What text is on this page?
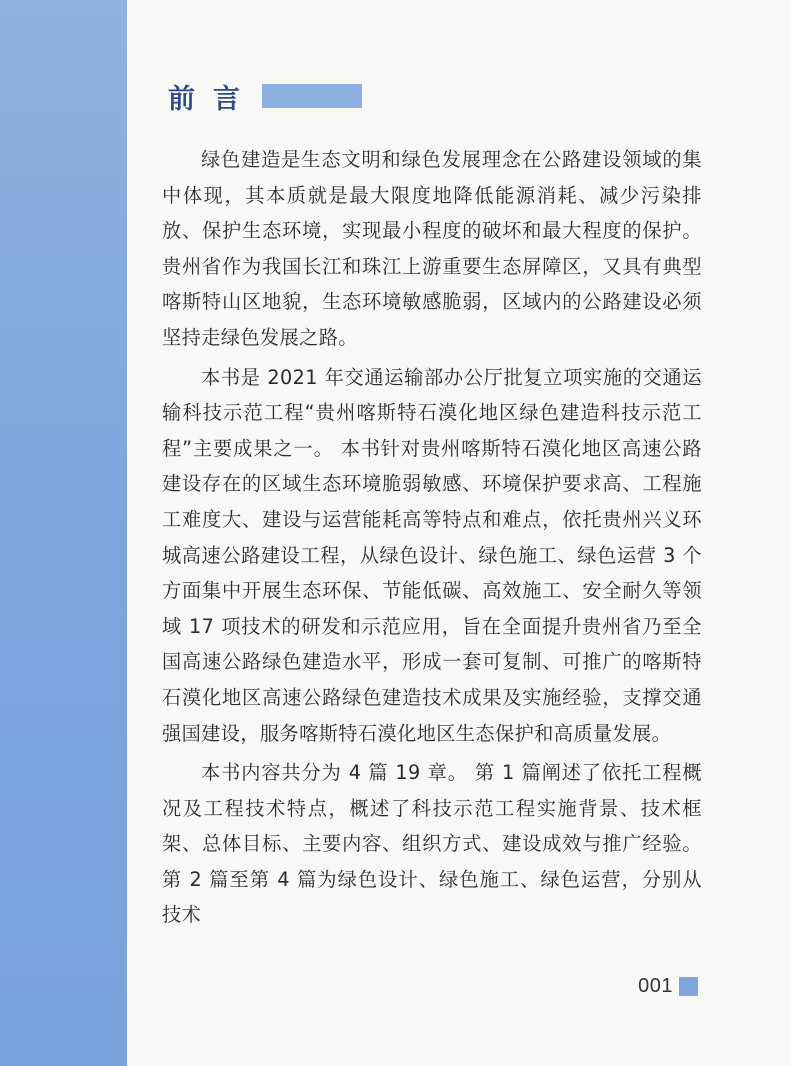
前言

绿色建造是生态文明和绿色发展理念在公路建设领域的集中体现，其本质就是最大限度地降低能源消耗、减少污染排放、保护生态环境，实现最小程度的破坏和最大程度的保护。 贵州省作为我国长江和珠江上游重要生态屏障区，又具有典型喀斯特山区地貌，生态环境敏感脆弱，区域内的公路建设必须坚持走绿色发展之路。

本书是 2021 年交通运输部办公厅批复立项实施的交通运输科技示范工程“贵州喀斯特石漠化地区绿色建造科技示范工程”主要成果之一。 本书针对贵州喀斯特石漠化地区高速公路建设存在的区域生态环境脆弱敏感、环境保护要求高、工程施工难度大、建设与运营能耗高等特点和难点，依托贵州兴义环城高速公路建设工程，从绿色设计、绿色施工、绿色运营 3 个方面集中开展生态环保、节能低碳、高效施工、安全耐久等领域 17 项技术的研发和示范应用，旨在全面提升贵州省乃至全国高速公路绿色建造水平，形成一套可复制、可推广的喀斯特石漠化地区高速公路绿色建造技术成果及实施经验，支撑交通强国建设，服务喀斯特石漠化地区生态保护和高质量发展。

本书内容共分为 4 篇 19 章。 第 1 篇阐述了依托工程概况及工程技术特点，概述了科技示范工程实施背景、技术框架、总体目标、主要内容、组织方式、建设成效与推广经验。 第 2 篇至第 4 篇为绿色设计、绿色施工、绿色运营，分别从技术

001
